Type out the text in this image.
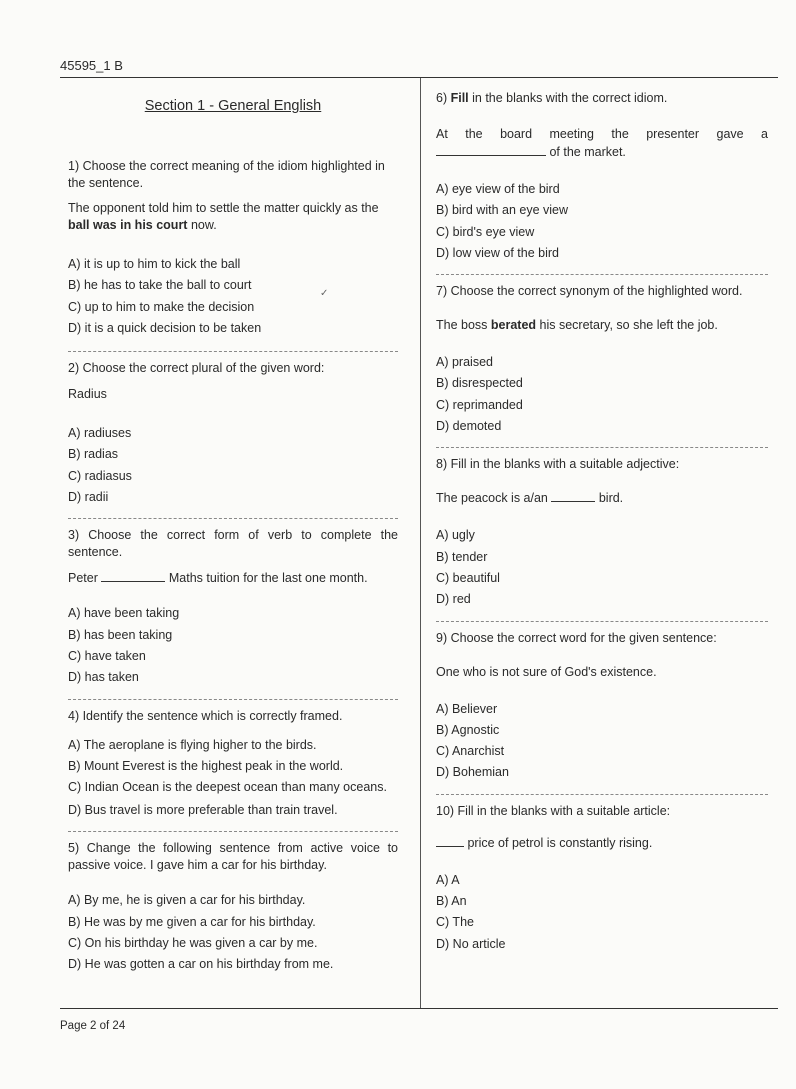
45595_1 B
Section 1 - General English
1) Choose the correct meaning of the idiom highlighted in the sentence.
The opponent told him to settle the matter quickly as the ball was in his court now.
A) it is up to him to kick the ball
B) he has to take the ball to court
C) up to him to make the decision
D) it is a quick decision to be taken
2) Choose the correct plural of the given word:
Radius
A) radiuses
B) radias
C) radiasus
D) radii
3) Choose the correct form of verb to complete the sentence.
Peter	Maths tuition for the last one month.
A) have been taking
B) has been taking
C) have taken
D) has taken
4) Identify the sentence which is correctly framed.
A) The aeroplane is flying higher to the birds.
B) Mount Everest is the highest peak in the world.
C) Indian Ocean is the deepest ocean than many oceans.
D) Bus travel is more preferable than train travel.
5) Change the following sentence from active voice to passive voice. I gave him a car for his birthday.
A) By me, he is given a car for his birthday.
B) He was by me given a car for his birthday.
C) On his birthday he was given a car by me.
D) He was gotten a car on his birthday from me.
✓
6) Fill in the blanks with the correct idiom.
At the board meeting the presenter gave a
of the market.
A) eye view of the bird
B) bird with an eye view
C) bird's eye view
D) low view of the bird
7) Choose the correct synonym of the highlighted word.
The boss berated his secretary, so she left the job.
A) praised
B) disrespected
C) reprimanded
D) demoted
8) Fill in the blanks with a suitable adjective:
The peacock is a/an	bird.
A) ugly
B) tender
C) beautiful
D) red
9) Choose the correct word for the given sentence:
One who is not sure of God's existence.
A) Believer
B) Agnostic
C) Anarchist
D) Bohemian
10) Fill in the blanks with a suitable article:
price of petrol is constantly rising.
A) A
B) An
C) The
D) No article
Page 2 of 24
